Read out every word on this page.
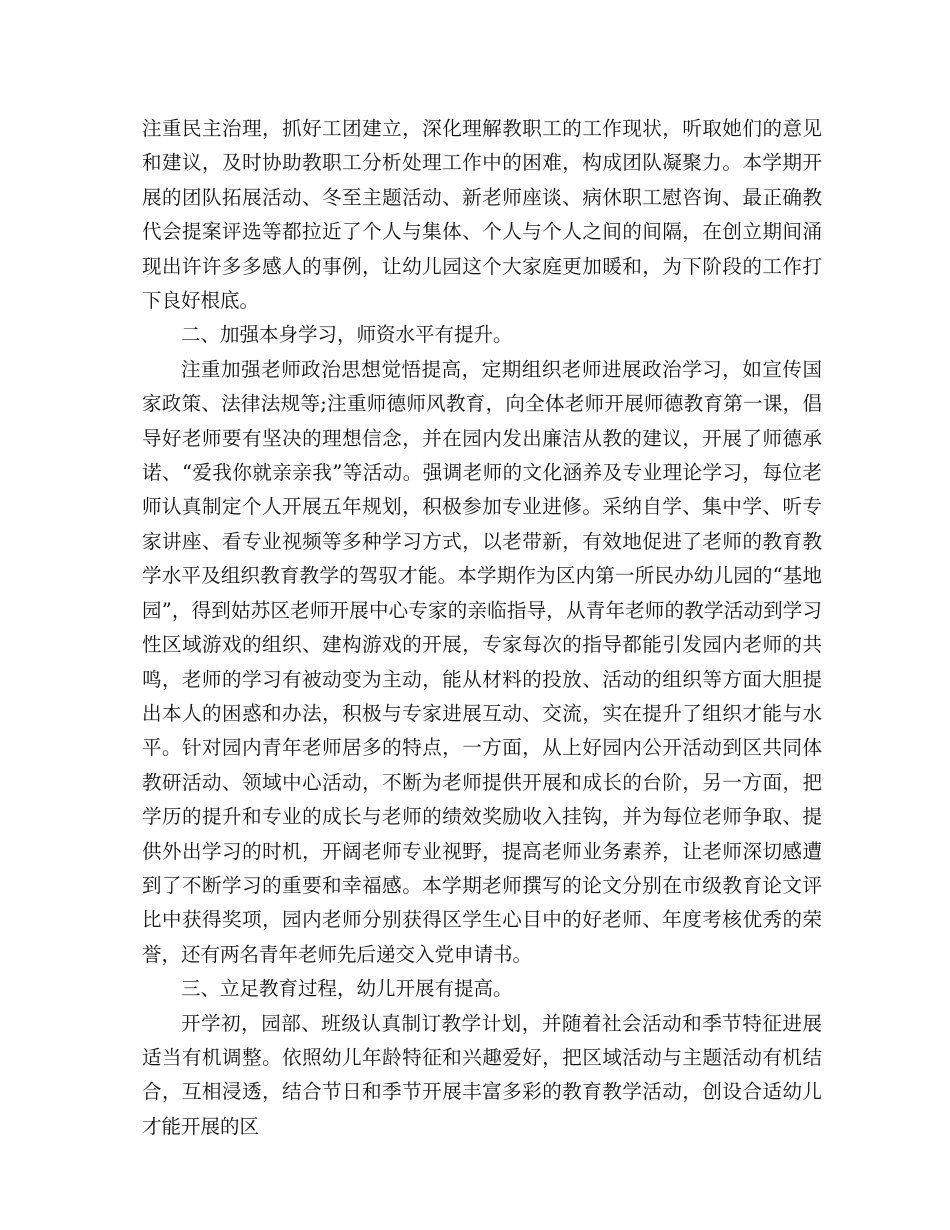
注重民主治理，抓好工团建立，深化理解教职工的工作现状，听取她们的意见和建议，及时协助教职工分析处理工作中的困难，构成团队凝聚力。本学期开展的团队拓展活动、冬至主题活动、新老师座谈、病休职工慰咨询、最正确教代会提案评选等都拉近了个人与集体、个人与个人之间的间隔，在创立期间涌现出许许多多感人的事例，让幼儿园这个大家庭更加暖和，为下阶段的工作打下良好根底。

二、加强本身学习，师资水平有提升。

注重加强老师政治思想觉悟提高，定期组织老师进展政治学习，如宣传国家政策、法律法规等;注重师德师风教育，向全体老师开展师德教育第一课，倡导好老师要有坚决的理想信念，并在园内发出廉洁从教的建议，开展了师德承诺、“爱我你就亲亲我”等活动。强调老师的文化涵养及专业理论学习，每位老师认真制定个人开展五年规划，积极参加专业进修。采纳自学、集中学、听专家讲座、看专业视频等多种学习方式，以老带新，有效地促进了老师的教育教学水平及组织教育教学的驾驭才能。本学期作为区内第一所民办幼儿园的“基地园”，得到姑苏区老师开展中心专家的亲临指导，从青年老师的教学活动到学习性区域游戏的组织、建构游戏的开展，专家每次的指导都能引发园内老师的共鸣，老师的学习有被动变为主动，能从材料的投放、活动的组织等方面大胆提出本人的困惑和办法，积极与专家进展互动、交流，实在提升了组织才能与水平。针对园内青年老师居多的特点，一方面，从上好园内公开活动到区共同体教研活动、领域中心活动，不断为老师提供开展和成长的台阶，另一方面，把学历的提升和专业的成长与老师的绩效奖励收入挂钩，并为每位老师争取、提供外出学习的时机，开阔老师专业视野，提高老师业务素养，让老师深切感遭到了不断学习的重要和幸福感。本学期老师撰写的论文分别在市级教育论文评比中获得奖项，园内老师分别获得区学生心目中的好老师、年度考核优秀的荣誉，还有两名青年老师先后递交入党申请书。

三、立足教育过程，幼儿开展有提高。

开学初，园部、班级认真制订教学计划，并随着社会活动和季节特征进展适当有机调整。依照幼儿年龄特征和兴趣爱好，把区域活动与主题活动有机结合，互相浸透，结合节日和季节开展丰富多彩的教育教学活动，创设合适幼儿才能开展的区
